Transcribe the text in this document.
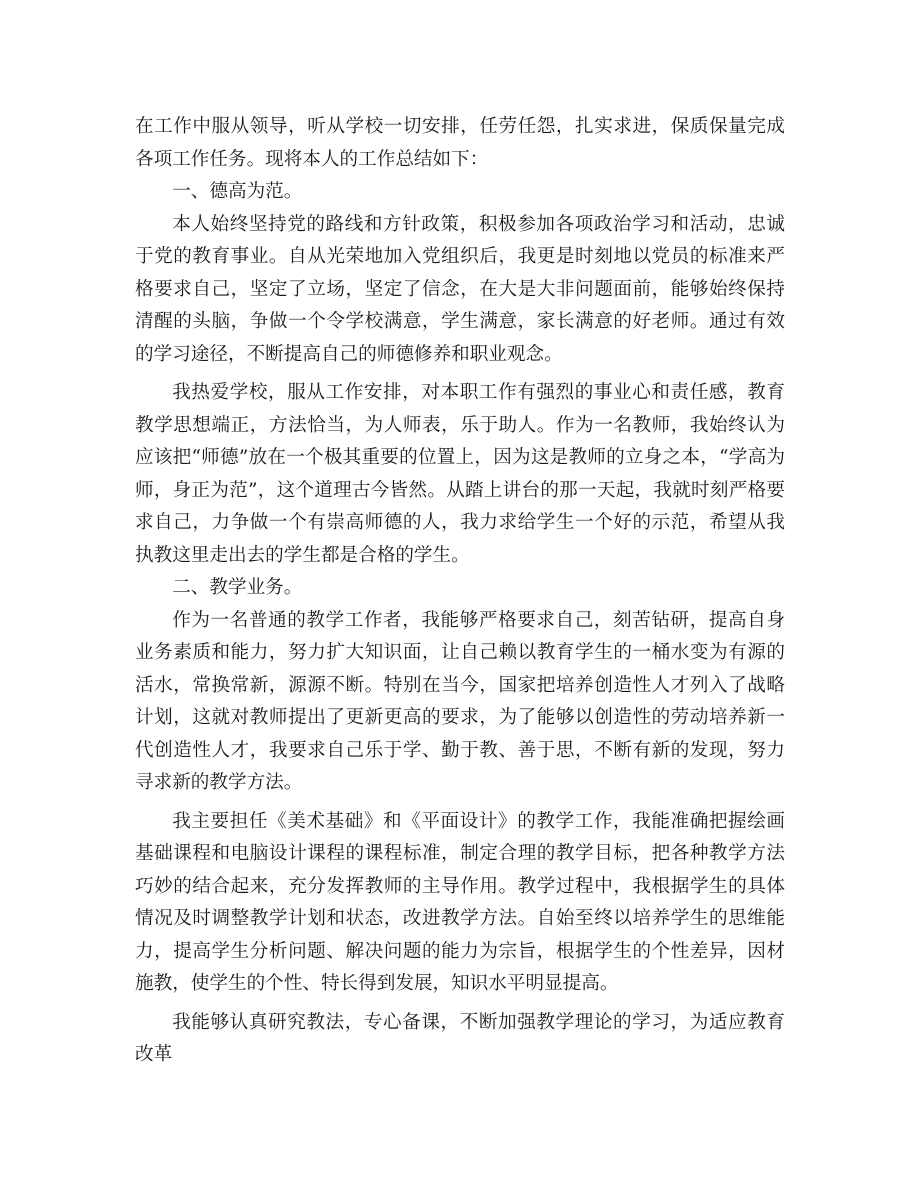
在工作中服从领导，听从学校一切安排，任劳任怨，扎实求进，保质保量完成各项工作任务。现将本人的工作总结如下：

一、德高为范。

本人始终坚持党的路线和方针政策，积极参加各项政治学习和活动，忠诚于党的教育事业。自从光荣地加入党组织后，我更是时刻地以党员的标准来严格要求自己，坚定了立场，坚定了信念，在大是大非问题面前，能够始终保持清醒的头脑，争做一个令学校满意，学生满意，家长满意的好老师。通过有效的学习途径，不断提高自己的师德修养和职业观念。

我热爱学校，服从工作安排，对本职工作有强烈的事业心和责任感，教育教学思想端正，方法恰当，为人师表，乐于助人。作为一名教师，我始终认为应该把“师德”放在一个极其重要的位置上，因为这是教师的立身之本，“学高为师，身正为范”，这个道理古今皆然。从踏上讲台的那一天起，我就时刻严格要求自己，力争做一个有崇高师德的人，我力求给学生一个好的示范，希望从我执教这里走出去的学生都是合格的学生。

二、教学业务。

作为一名普通的教学工作者，我能够严格要求自己，刻苦钻研，提高自身业务素质和能力，努力扩大知识面，让自己赖以教育学生的一桶水变为有源的活水，常换常新，源源不断。特别在当今，国家把培养创造性人才列入了战略计划，这就对教师提出了更新更高的要求，为了能够以创造性的劳动培养新一代创造性人才，我要求自己乐于学、勤于教、善于思，不断有新的发现，努力寻求新的教学方法。

我主要担任《美术基础》和《平面设计》的教学工作，我能准确把握绘画基础课程和电脑设计课程的课程标准，制定合理的教学目标，把各种教学方法巧妙的结合起来，充分发挥教师的主导作用。教学过程中，我根据学生的具体情况及时调整教学计划和状态，改进教学方法。自始至终以培养学生的思维能力，提高学生分析问题、解决问题的能力为宗旨，根据学生的个性差异，因材施教，使学生的个性、特长得到发展，知识水平明显提高。

我能够认真研究教法，专心备课，不断加强教学理论的学习，为适应教育改革
